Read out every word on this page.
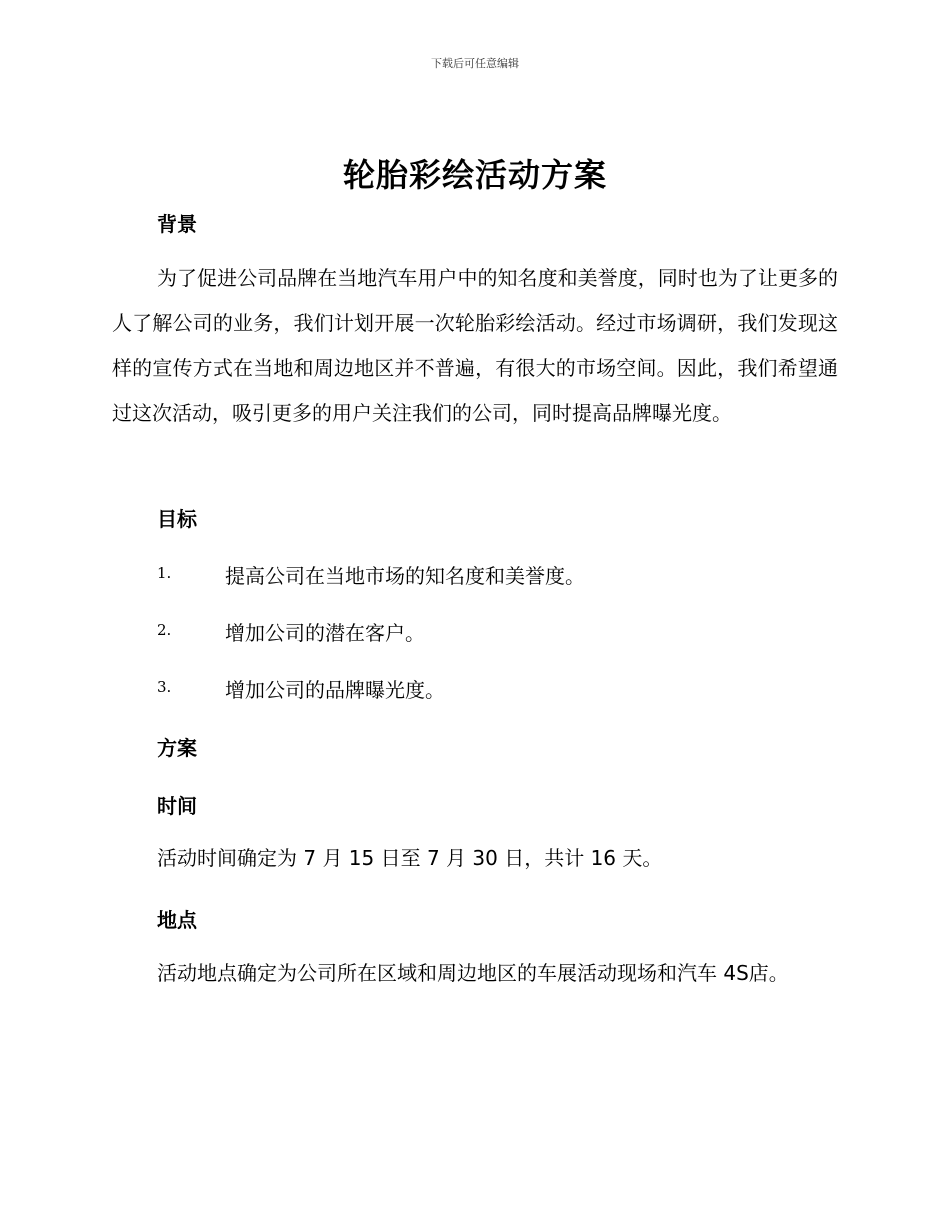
下载后可任意编辑
轮胎彩绘活动方案
背景

为了促进公司品牌在当地汽车用户中的知名度和美誉度，同时也为了让更多的人了解公司的业务，我们计划开展一次轮胎彩绘活动。经过市场调研，我们发现这样的宣传方式在当地和周边地区并不普遍，有很大的市场空间。因此，我们希望通过这次活动，吸引更多的用户关注我们的公司，同时提高品牌曝光度。

目标
1.	提高公司在当地市场的知名度和美誉度。
2.	增加公司的潜在客户。
3.	增加公司的品牌曝光度。
方案
时间

活动时间确定为 7 月 15 日至 7 月 30 日，共计 16 天。

地点

活动地点确定为公司所在区域和周边地区的车展活动现场和汽车 4S店。
